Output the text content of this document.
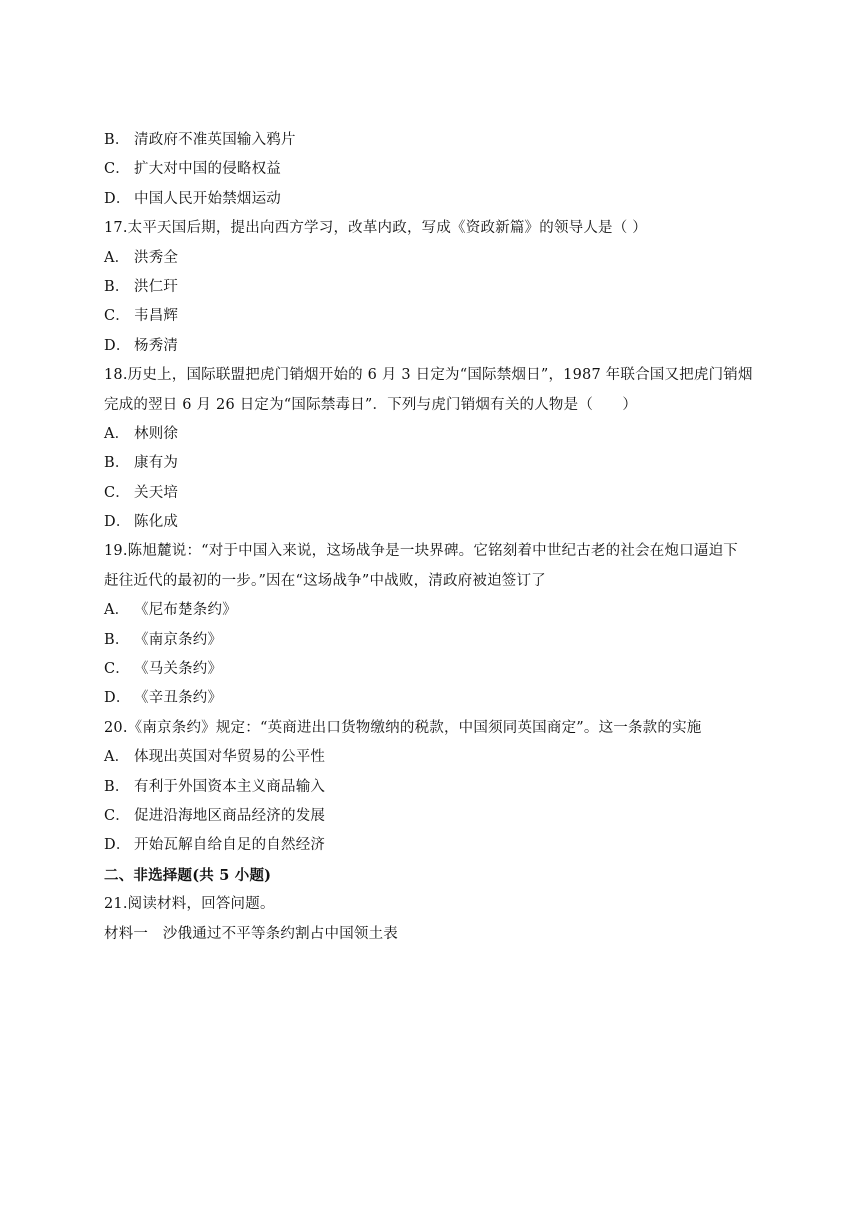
B． 清政府不准英国输入鸦片
C． 扩大对中国的侵略权益
D． 中国人民开始禁烟运动
17.太平天国后期，提出向西方学习，改革内政，写成《资政新篇》的领导人是（ ）
A． 洪秀全
B． 洪仁玕
C． 韦昌辉
D． 杨秀清
18.历史上，国际联盟把虎门销烟开始的 6 月 3 日定为“国际禁烟日”，1987 年联合国又把虎门销烟
完成的翌日 6 月 26 日定为“国际禁毒日”．下列与虎门销烟有关的人物是（　　）
A． 林则徐
B． 康有为
C． 关天培
D． 陈化成
19.陈旭麓说：“对于中国入来说，这场战争是一块界碑。它铭刻着中世纪古老的社会在炮口逼迫下
赶往近代的最初的一步。”因在“这场战争”中战败，清政府被迫签订了
A． 《尼布楚条约》
B． 《南京条约》
C． 《马关条约》
D． 《辛丑条约》
20.《南京条约》规定：“英商进出口货物缴纳的税款，中国须同英国商定”。这一条款的实施
A． 体现出英国对华贸易的公平性
B． 有利于外国资本主义商品输入
C． 促进沿海地区商品经济的发展
D． 开始瓦解自给自足的自然经济
二、非选择题(共 5 小题)
21.阅读材料，回答问题。
材料一　沙俄通过不平等条约割占中国领土表
